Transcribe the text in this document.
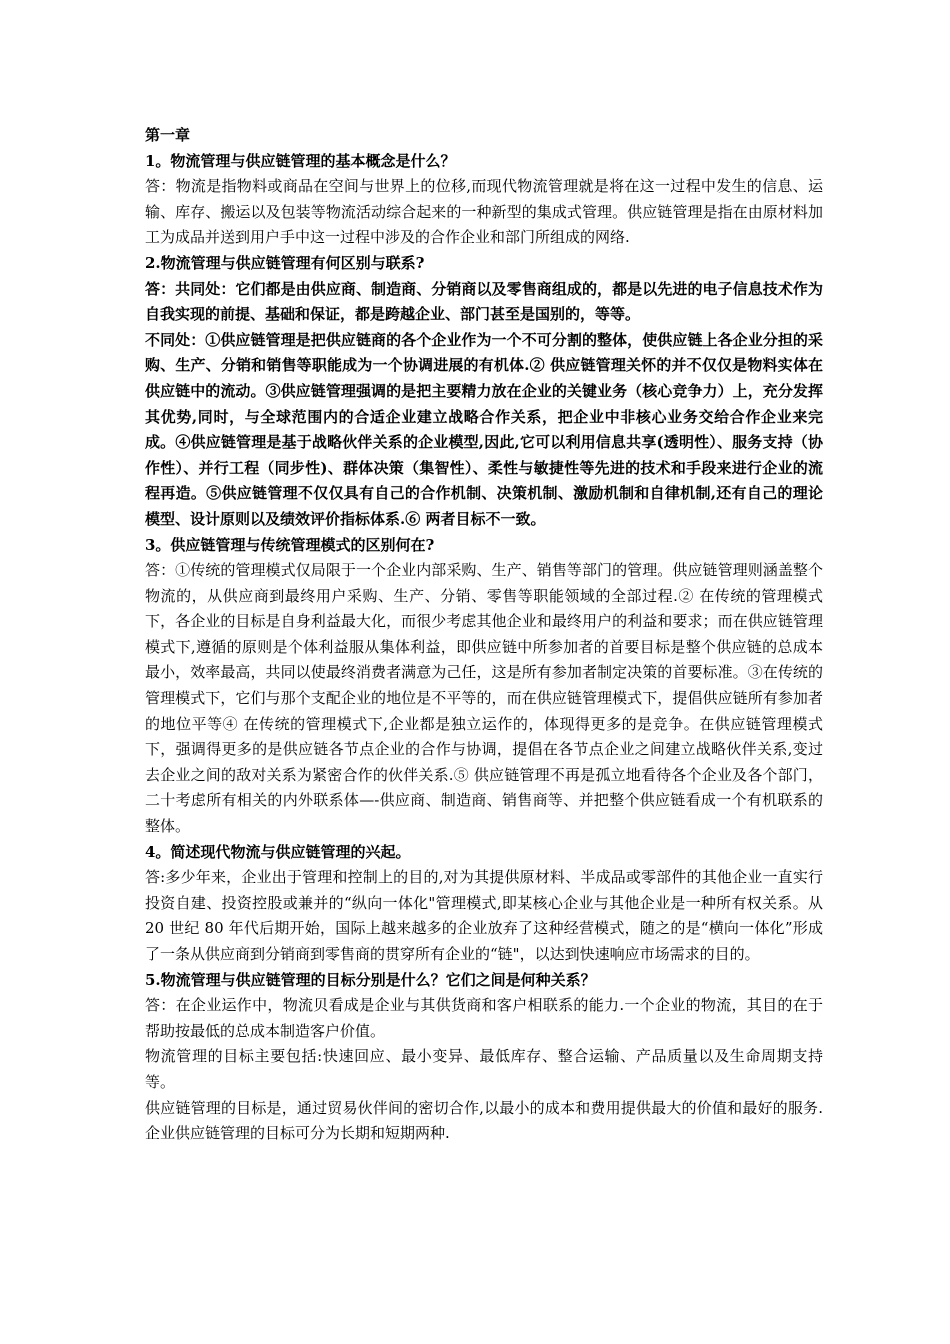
第一章

1。物流管理与供应链管理的基本概念是什么？

答：物流是指物料或商品在空间与世界上的位移,而现代物流管理就是将在这一过程中发生的信息、运输、库存、搬运以及包装等物流活动综合起来的一种新型的集成式管理。供应链管理是指在由原材料加工为成品并送到用户手中这一过程中涉及的合作企业和部门所组成的网络.

2.物流管理与供应链管理有何区别与联系?

答：共同处：它们都是由供应商、制造商、分销商以及零售商组成的，都是以先进的电子信息技术作为自我实现的前提、基础和保证，都是跨越企业、部门甚至是国别的，等等。

不同处：①供应链管理是把供应链商的各个企业作为一个不可分割的整体，使供应链上各企业分担的采购、生产、分销和销售等职能成为一个协调进展的有机体.② 供应链管理关怀的并不仅仅是物料实体在供应链中的流动。③供应链管理强调的是把主要精力放在企业的关键业务（核心竞争力）上，充分发挥其优势,同时，与全球范围内的合适企业建立战略合作关系，把企业中非核心业务交给合作企业来完成。④供应链管理是基于战略伙伴关系的企业模型,因此,它可以利用信息共享(透明性）、服务支持（协作性）、并行工程（同步性)、群体决策（集智性）、柔性与敏捷性等先进的技术和手段来进行企业的流程再造。⑤供应链管理不仅仅具有自己的合作机制、决策机制、激励机制和自律机制,还有自己的理论模型、设计原则以及绩效评价指标体系.⑥ 两者目标不一致。

3。供应链管理与传统管理模式的区别何在?

答：①传统的管理模式仅局限于一个企业内部采购、生产、销售等部门的管理。供应链管理则涵盖整个物流的，从供应商到最终用户采购、生产、分销、零售等职能领域的全部过程.② 在传统的管理模式下，各企业的目标是自身利益最大化，而很少考虑其他企业和最终用户的利益和要求；而在供应链管理模式下,遵循的原则是个体利益服从集体利益，即供应链中所参加者的首要目标是整个供应链的总成本最小，效率最高，共同以使最终消费者满意为己任，这是所有参加者制定决策的首要标准。③在传统的管理模式下，它们与那个支配企业的地位是不平等的，而在供应链管理模式下，提倡供应链所有参加者的地位平等④ 在传统的管理模式下,企业都是独立运作的，体现得更多的是竞争。在供应链管理模式下，强调得更多的是供应链各节点企业的合作与协调，提倡在各节点企业之间建立战略伙伴关系,变过去企业之间的敌对关系为紧密合作的伙伴关系.⑤ 供应链管理不再是孤立地看待各个企业及各个部门，二十考虑所有相关的内外联系体—-供应商、制造商、销售商等、并把整个供应链看成一个有机联系的整体。

4。简述现代物流与供应链管理的兴起。

答:多少年来，企业出于管理和控制上的目的,对为其提供原材料、半成品或零部件的其他企业一直实行投资自建、投资控股或兼并的“纵向一体化"管理模式,即某核心企业与其他企业是一种所有权关系。从 20 世纪 80 年代后期开始，国际上越来越多的企业放弃了这种经营模式，随之的是“横向一体化”形成了一条从供应商到分销商到零售商的贯穿所有企业的“链"，以达到快速响应市场需求的目的。

5.物流管理与供应链管理的目标分别是什么？它们之间是何种关系？

答：在企业运作中，物流贝看成是企业与其供货商和客户相联系的能力.一个企业的物流，其目的在于帮助按最低的总成本制造客户价值。

物流管理的目标主要包括:快速回应、最小变异、最低库存、整合运输、产品质量以及生命周期支持等。

供应链管理的目标是，通过贸易伙伴间的密切合作,以最小的成本和费用提供最大的价值和最好的服务.企业供应链管理的目标可分为长期和短期两种.
